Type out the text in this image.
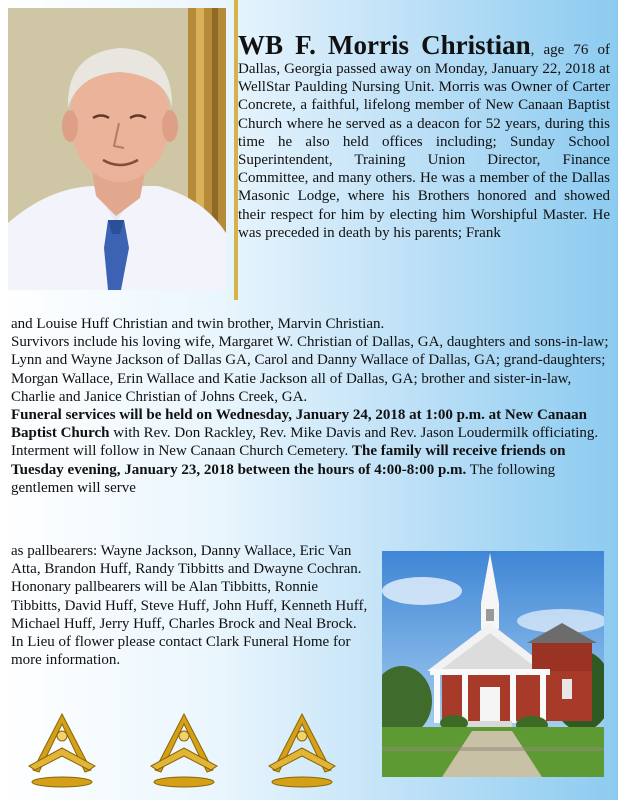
WB F. Morris Christian, age 76 of Dallas, Georgia passed away on Monday, January 22, 2018 at WellStar Paulding Nursing Unit. Morris was Owner of Carter Concrete, a faithful, lifelong member of New Canaan Baptist Church where he served as a deacon for 52 years, during this time he also held offices including; Sunday School Superintendent, Training Union Director, Finance Committee, and many others. He was a member of the Dallas Masonic Lodge, where his Brothers honored and showed their respect for him by electing him Worshipful Master. He was preceded in death by his parents; Frank
and Louise Huff Christian and twin brother, Marvin Christian.
Survivors include his loving wife, Margaret W. Christian of Dallas, GA, daughters and sons-in-law; Lynn and Wayne Jackson of Dallas GA, Carol and Danny Wallace of Dallas, GA; grand-daughters; Morgan Wallace, Erin Wallace and Katie Jackson all of Dallas, GA; brother and sister-in-law, Charlie and Janice Christian of Johns Creek, GA.
Funeral services will be held on Wednesday, January 24, 2018 at 1:00 p.m. at New Canaan Baptist Church with Rev. Don Rackley, Rev. Mike Davis and Rev. Jason Loudermilk officiating. Interment will follow in New Canaan Church Cemetery. The family will receive friends on Tuesday evening, January 23, 2018 between the hours of 4:00-8:00 p.m. The following gentlemen will serve
as pallbearers: Wayne Jackson, Danny Wallace, Eric Van Atta, Brandon Huff, Randy Tibbitts and Dwayne Cochran. Hononary pallbearers will be Alan Tibbitts, Ronnie Tibbitts, David Huff, Steve Huff, John Huff, Kenneth Huff, Michael Huff, Jerry Huff, Charles Brock and Neal Brock.
In Lieu of flower please contact Clark Funeral Home for more information.
